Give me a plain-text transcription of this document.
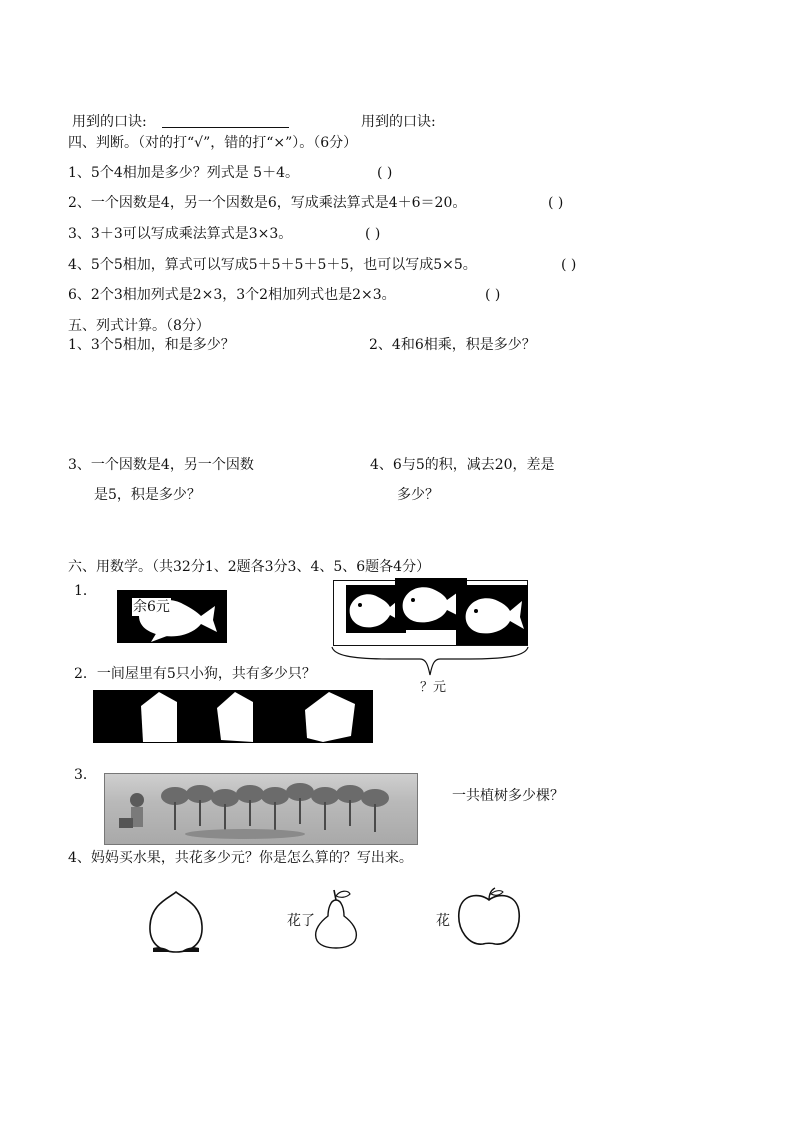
用到的口诀:	用到的口诀:
四、判断。（对的打“√”，错的打“×”）。（6分）
1、5个4相加是多少？列式是 5＋4。	( )
2、一个因数是4，另一个因数是6，写成乘法算式是4＋6＝20。	( )
3、3＋3可以写成乘法算式是3×3。	( )
4、5个5相加，算式可以写成5＋5＋5＋5＋5，也可以写成5×5。	( )
6、2个3相加列式是2×3，3个2相加列式也是2×3。	( )
五、列式计算。（8分）
1、3个5相加，和是多少？	2、4和6相乘，积是多少？
3、一个因数是4，另一个因数
是5，积是多少？
4、6与5的积，减去20，差是
多少？
六、用数学。（共32分1、2题各3分3、4、5、6题各4分）
1．
余6元
？元
2．一间屋里有5只小狗，共有多少只？
3．
一共植树多少棵？
4、妈妈买水果，共花多少元？你是怎么算的？写出来。
花了	花
